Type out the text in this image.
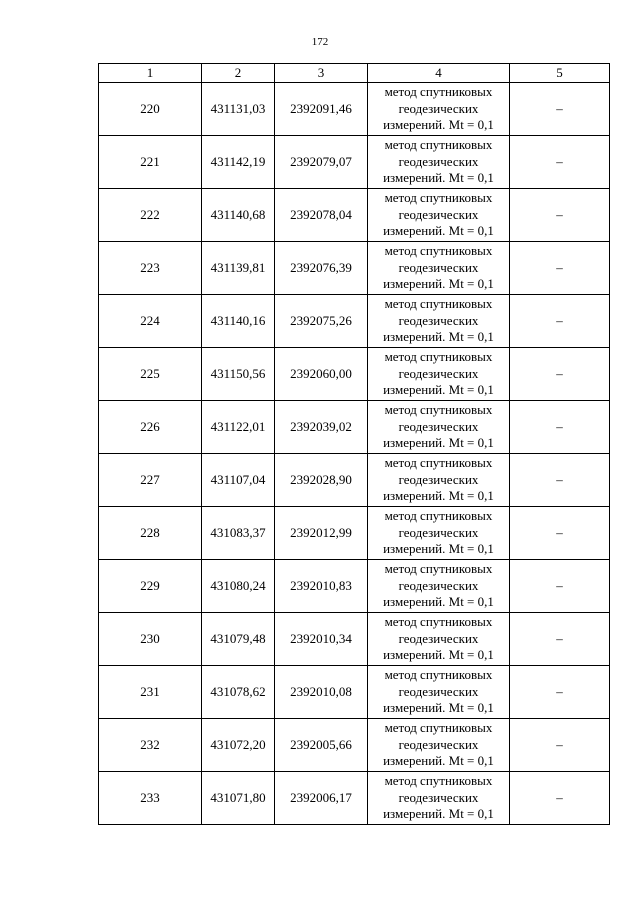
172
1	2	3	4	5
220	431131,03	2392091,46	метод спутниковых геодезических измерений. Mt = 0,1	–
221	431142,19	2392079,07	метод спутниковых геодезических измерений. Mt = 0,1	–
222	431140,68	2392078,04	метод спутниковых геодезических измерений. Mt = 0,1	–
223	431139,81	2392076,39	метод спутниковых геодезических измерений. Mt = 0,1	–
224	431140,16	2392075,26	метод спутниковых геодезических измерений. Mt = 0,1	–
225	431150,56	2392060,00	метод спутниковых геодезических измерений. Mt = 0,1	–
226	431122,01	2392039,02	метод спутниковых геодезических измерений. Mt = 0,1	–
227	431107,04	2392028,90	метод спутниковых геодезических измерений. Mt = 0,1	–
228	431083,37	2392012,99	метод спутниковых геодезических измерений. Mt = 0,1	–
229	431080,24	2392010,83	метод спутниковых геодезических измерений. Mt = 0,1	–
230	431079,48	2392010,34	метод спутниковых геодезических измерений. Mt = 0,1	–
231	431078,62	2392010,08	метод спутниковых геодезических измерений. Mt = 0,1	–
232	431072,20	2392005,66	метод спутниковых геодезических измерений. Mt = 0,1	–
233	431071,80	2392006,17	метод спутниковых геодезических измерений. Mt = 0,1	–
